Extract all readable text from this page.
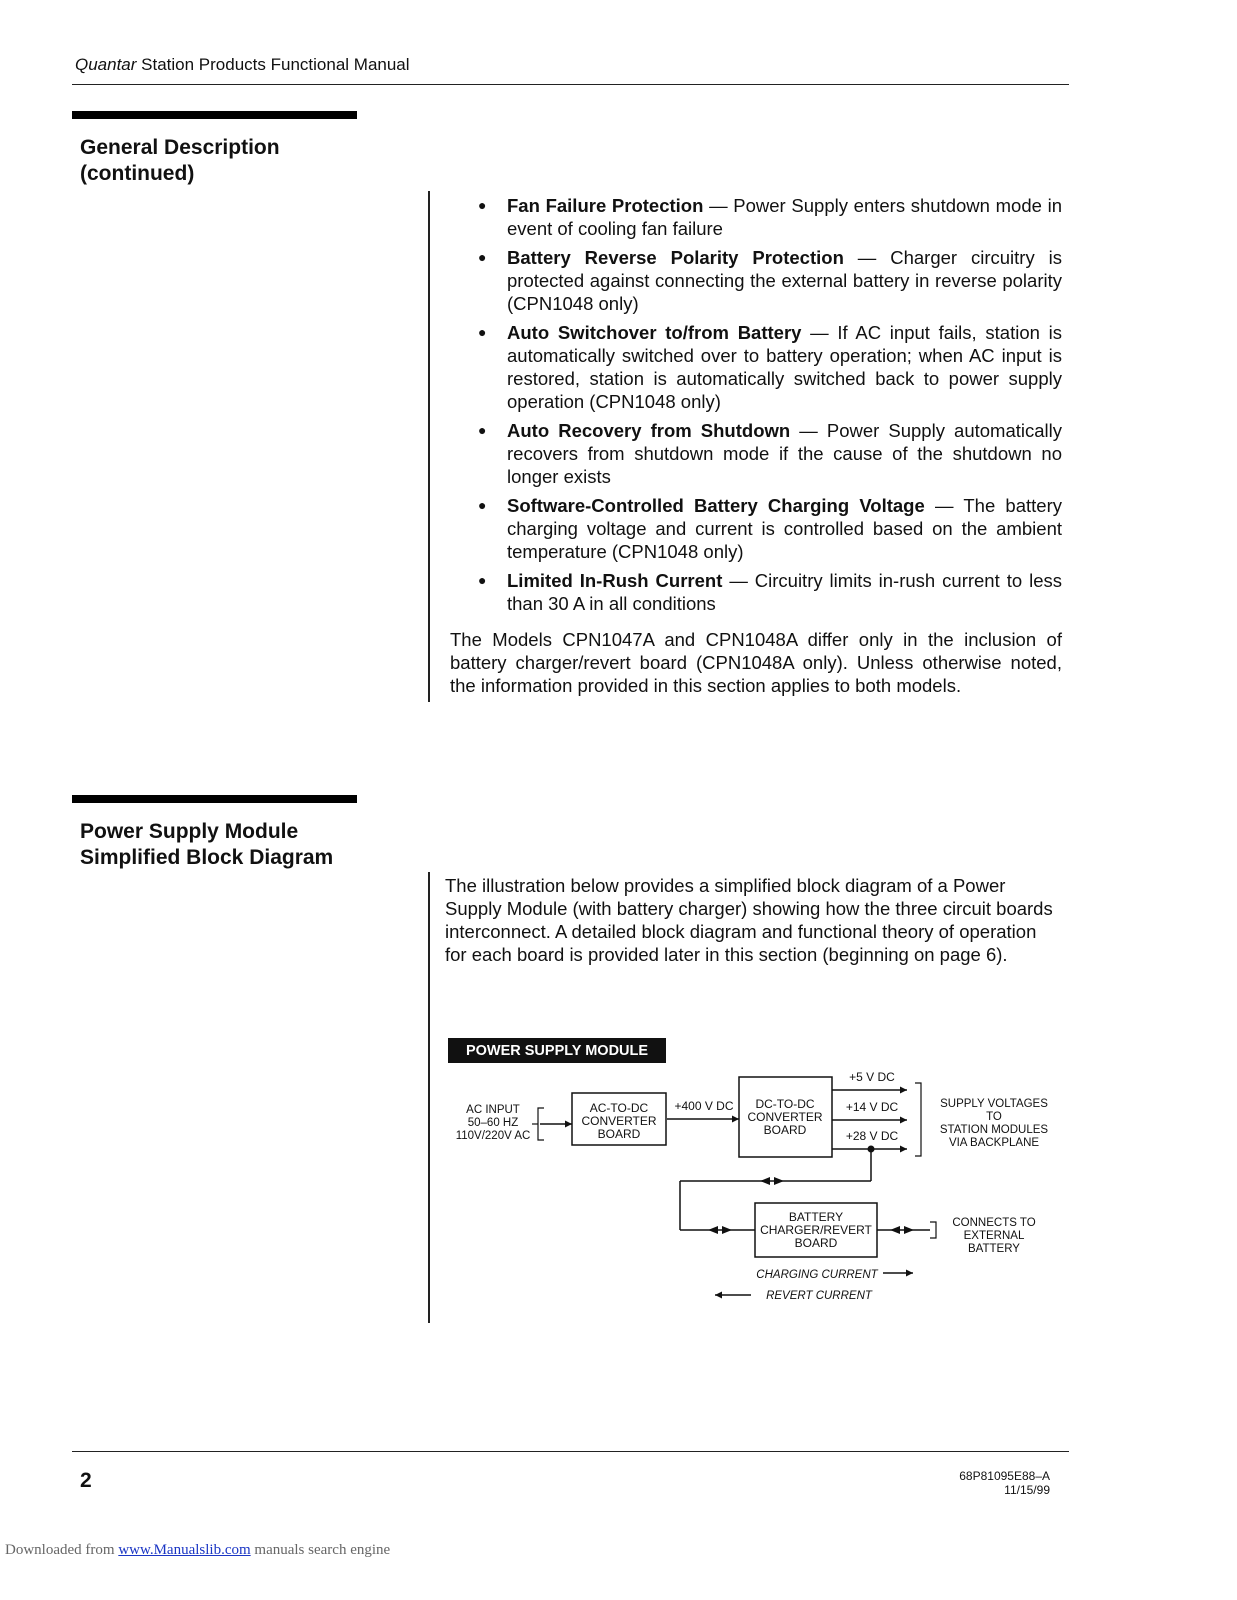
Quantar Station Products Functional Manual
General Description
(continued)
● Fan Failure Protection — Power Supply enters shutdown mode in event of cooling fan failure
● Battery Reverse Polarity Protection — Charger circuitry is protected against connecting the external battery in reverse polarity (CPN1048 only)
● Auto Switchover to/from Battery — If AC input fails, station is automatically switched over to battery operation; when AC input is restored, station is automatically switched back to power supply operation (CPN1048 only)
● Auto Recovery from Shutdown — Power Supply automatically recovers from shutdown mode if the cause of the shutdown no longer exists
● Software-Controlled Battery Charging Voltage — The battery charging voltage and current is controlled based on the ambient temperature (CPN1048 only)
● Limited In-Rush Current — Circuitry limits in-rush current to less than 30 A in all conditions
The Models CPN1047A and CPN1048A differ only in the inclusion of battery charger/revert board (CPN1048A only). Unless otherwise noted, the information provided in this section applies to both models.
Power Supply Module
Simplified Block Diagram
The illustration below provides a simplified block diagram of a Power Supply Module (with battery charger) showing how the three circuit boards interconnect. A detailed block diagram and functional theory of operation for each board is provided later in this section (beginning on page 6).
POWER SUPPLY MODULE
AC INPUT
50–60 HZ
110V/220V AC
AC-TO-DC
CONVERTER
BOARD
+400 V DC DC-TO-DC
CONVERTER
BOARD
+5 V DC
+14 V DC
+28 V DC
SUPPLY VOLTAGES
TO
STATION MODULES
VIA BACKPLANE
BATTERY
CHARGER/REVERT
BOARD
CONNECTS TO
EXTERNAL
BATTERY
CHARGING CURRENT
REVERT CURRENT
2	68P81095E88–A
11/15/99
Downloaded from www.Manualslib.com manuals search engine
